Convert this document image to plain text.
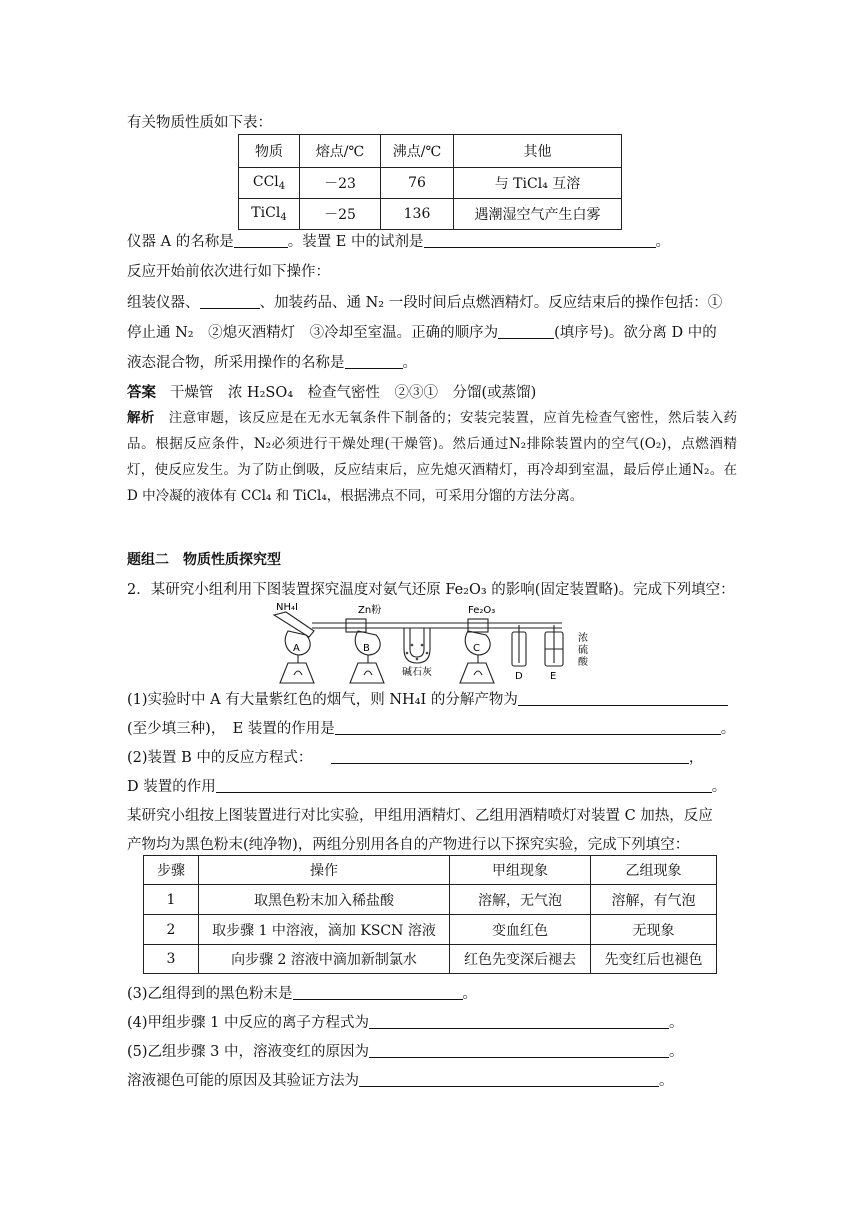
有关物质性质如下表：
物质	熔点/℃	沸点/℃	其他
CCl$_4$	－23	76	与 TiCl₄ 互溶
TiCl$_4$	－25	136	遇潮湿空气产生白雾
仪器 A 的名称是	。装置 E 中的试剂是	。
反应开始前依次进行如下操作：
组装仪器、	、加装药品、通 N₂ 一段时间后点燃酒精灯。反应结束后的操作包括：①
停止通 N₂　②熄灭酒精灯　③冷却至室温。正确的顺序为	(填序号)。欲分离 D 中的
液态混合物，所采用操作的名称是	。
答案 干燥管　浓 H₂SO₄　检查气密性　②③①　分馏(或蒸馏)
解析 注意审题，该反应是在无水无氧条件下制备的；安装完装置，应首先检查气密性，然后装入药品。根据反应条件，N₂必须进行干燥处理(干燥管)。然后通过N₂排除装置内的空气(O₂)，点燃酒精灯，使反应发生。为了防止倒吸，反应结束后，应先熄灭酒精灯，再冷却到室温，最后停止通N₂。在 D 中冷凝的液体有 CCl₄ 和 TiCl₄，根据沸点不同，可采用分馏的方法分离。
题组二　物质性质探究型
2．某研究小组利用下图装置探究温度对氨气还原 Fe₂O₃ 的影响(固定装置略)。完成下列填空：
NH₄I	Zn粉	Fe₂O₃
A	B	C
D	E
碱石灰
浓
硫
酸
(1)实验时中 A 有大量紫红色的烟气，则 NH₄I 的分解产物为
(至少填三种)，　E 装置的作用是	。
(2)装置 B 中的反应方程式：	，
D 装置的作用	。
某研究小组按上图装置进行对比实验，甲组用酒精灯、乙组用酒精喷灯对装置 C 加热，反应
产物均为黑色粉末(纯净物)，两组分别用各自的产物进行以下探究实验，完成下列填空：
步骤	操作	甲组现象	乙组现象
1	取黑色粉末加入稀盐酸	溶解，无气泡	溶解，有气泡
2	取步骤 1 中溶液，滴加 KSCN 溶液	变血红色	无现象
3	向步骤 2 溶液中滴加新制氯水	红色先变深后褪去	先变红后也褪色
(3)乙组得到的黑色粉末是	。
(4)甲组步骤 1 中反应的离子方程式为	。
(5)乙组步骤 3 中，溶液变红的原因为	。
溶液褪色可能的原因及其验证方法为	。
